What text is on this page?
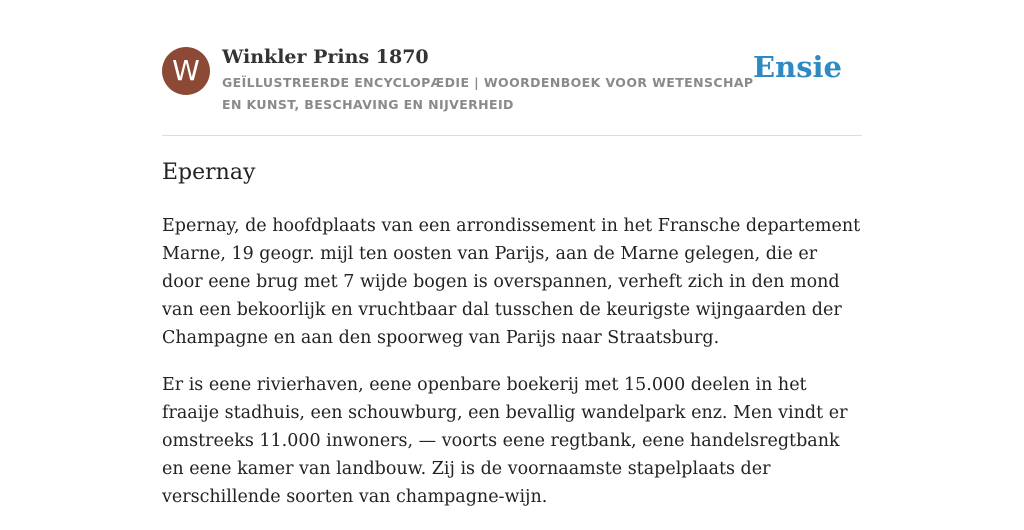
W	Winkler Prins 1870

GEÏLLUSTREERDE ENCYCLOPÆDIE | WOORDENBOEK VOOR WETENSCHAP EN KUNST, BESCHAVING EN NIJVERHEID

Ensie
Epernay

Epernay, de hoofdplaats van een arrondissement in het Fransche departement Marne, 19 geogr. mijl ten oosten van Parijs, aan de Marne gelegen, die er door eene brug met 7 wijde bogen is overspannen, verheft zich in den mond van een bekoorlijk en vruchtbaar dal tusschen de keurigste wijngaarden der Champagne en aan den spoorweg van Parijs naar Straatsburg.

Er is eene rivierhaven, eene openbare boekerij met 15.000 deelen in het fraaije stadhuis, een schouwburg, een bevallig wandelpark enz. Men vindt er omstreeks 11.000 inwoners, — voorts eene regtbank, eene handelsregtbank en eene kamer van landbouw. Zij is de voornaamste stapelplaats der verschillende soorten van champagne-wijn.
